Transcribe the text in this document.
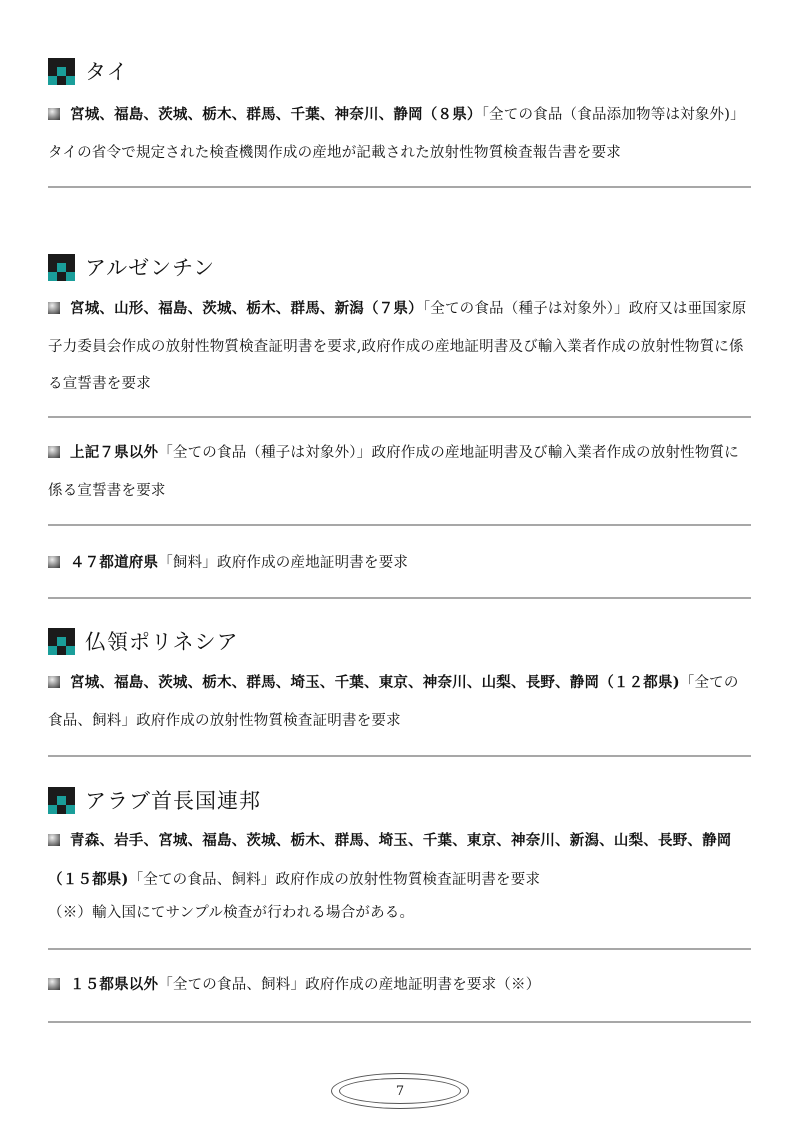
タイ

宮城、福島、茨城、栃木、群馬、千葉、神奈川、静岡（８県）「全ての食品（食品添加物等は対象外)」タイの省令で規定された検査機関作成の産地が記載された放射性物質検査報告書を要求

アルゼンチン

宮城、山形、福島、茨城、栃木、群馬、新潟（７県）「全ての食品（種子は対象外）」政府又は亜国家原子力委員会作成の放射性物質検査証明書を要求,政府作成の産地証明書及び輸入業者作成の放射性物質に係る宣誓書を要求

上記７県以外「全ての食品（種子は対象外）」政府作成の産地証明書及び輸入業者作成の放射性物質に係る宣誓書を要求

４７都道府県「飼料」政府作成の産地証明書を要求

仏領ポリネシア

宮城、福島、茨城、栃木、群馬、埼玉、千葉、東京、神奈川、山梨、長野、静岡（１２都県)「全ての食品、飼料」政府作成の放射性物質検査証明書を要求

アラブ首長国連邦

青森、岩手、宮城、福島、茨城、栃木、群馬、埼玉、千葉、東京、神奈川、新潟、山梨、長野、静岡（１５都県)「全ての食品、飼料」政府作成の放射性物質検査証明書を要求

（※）輸入国にてサンプル検査が行われる場合がある。

１５都県以外「全ての食品、飼料」政府作成の産地証明書を要求（※）

7
